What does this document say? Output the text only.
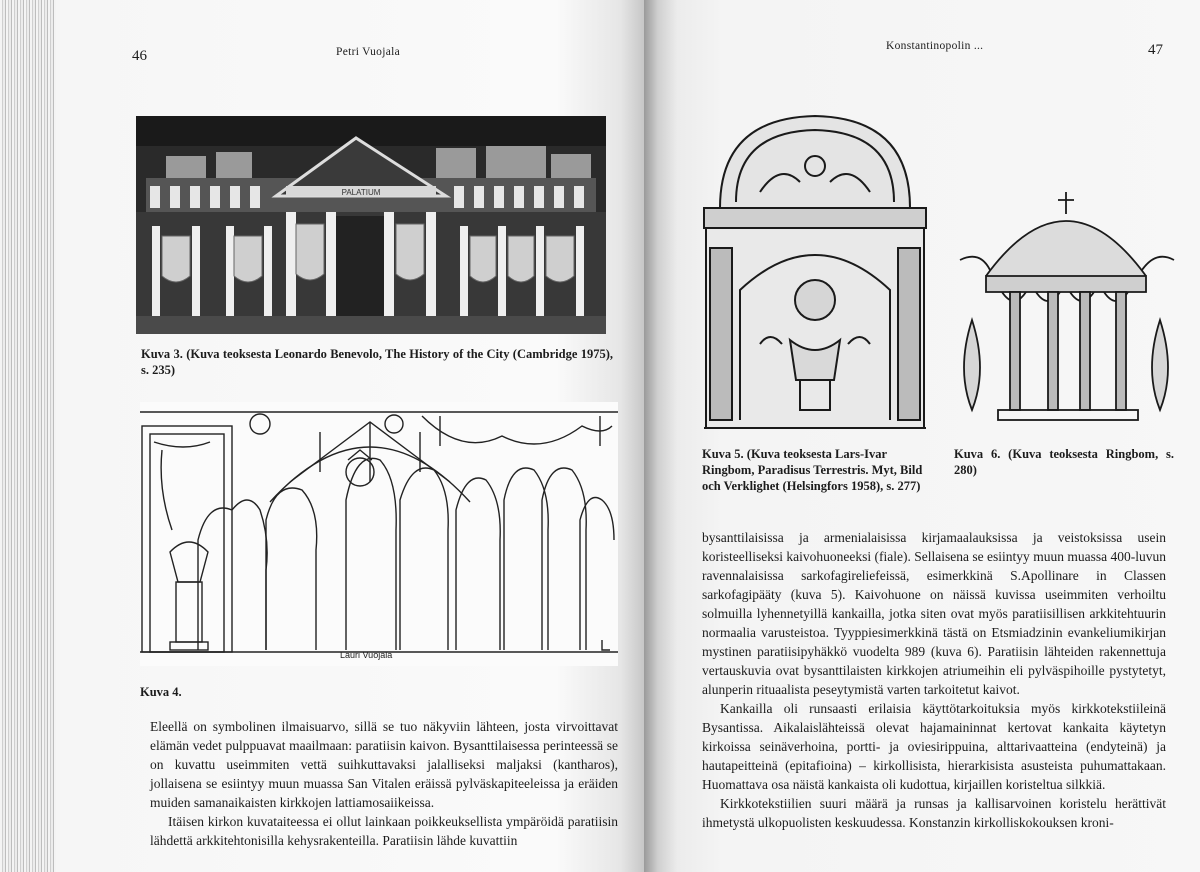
46	Petri Vuojala
PALATIUM
Kuva 3. (Kuva teoksesta Leonardo Benevolo, The History of the City (Cambridge 1975), s. 235)
Lauri Vuojala
Kuva 4.

Eleellä on symbolinen ilmaisuarvo, sillä se tuo näkyviin lähteen, josta virvoittavat elämän vedet pulppuavat maailmaan: paratiisin kaivon. Bysanttilaisessa perinteessä se on kuvattu useimmiten vettä suihkuttavaksi jalalliseksi maljaksi (kantharos), jollaisena se esiintyy muun muassa San Vitalen eräissä pylväskapiteeleissa ja eräiden muiden samanaikaisten kirkkojen lattiamosaiikeissa.

Itäisen kirkon kuvataiteessa ei ollut lainkaan poikkeuksellista ympäröidä paratiisin lähdettä arkkitehtonisilla kehysrakenteilla. Paratiisin lähde kuvattiin

Konstantinopolin ...	47
Kuva 5. (Kuva teoksesta Lars-Ivar Ringbom, Paradisus Terrestris. Myt, Bild och Verklighet (Helsingfors 1958), s. 277)
Kuva 6. (Kuva teoksesta Ringbom, s. 280)

bysanttilaisissa ja armenialaisissa kirjamaalauksissa ja veistoksissa usein koristeelliseksi kaivohuoneeksi (fiale). Sellaisena se esiintyy muun muassa 400-luvun ravennalaisissa sarkofagireliefeissä, esimerkkinä S.Apollinare in Classen sarkofagipääty (kuva 5). Kaivohuone on näissä kuvissa useimmiten verhoiltu solmuilla lyhennetyillä kankailla, jotka siten ovat myös paratiisillisen arkkitehtuurin normaalia varusteistoa. Tyyppiesimerkkinä tästä on Etsmiadzinin evankeliumikirjan mystinen paratiisipyhäkkö vuodelta 989 (kuva 6). Paratiisin lähteiden rakennettuja vertauskuvia ovat bysanttilaisten kirkkojen atriumeihin eli pylväspihoille pystytetyt, alunperin rituaalista peseytymistä varten tarkoitetut kaivot.

Kankailla oli runsaasti erilaisia käyttötarkoituksia myös kirkkotekstiileinä Bysantissa. Aikalaislähteissä olevat hajamaininnat kertovat kankaita käytetyn kirkoissa seinäverhoina, portti- ja oviesirippuina, alttarivaatteina (endyteinä) ja hautapeitteinä (epitafioina) – kirkollisista, hierarkisista asusteista puhumattakaan. Huomattava osa näistä kankaista oli kudottua, kirjaillen koristeltua silkkiä.

Kirkkotekstiilien suuri määrä ja runsas ja kallisarvoinen koristelu herättivät ihmetystä ulkopuolisten keskuudessa. Konstanzin kirkolliskokouksen kroni-
